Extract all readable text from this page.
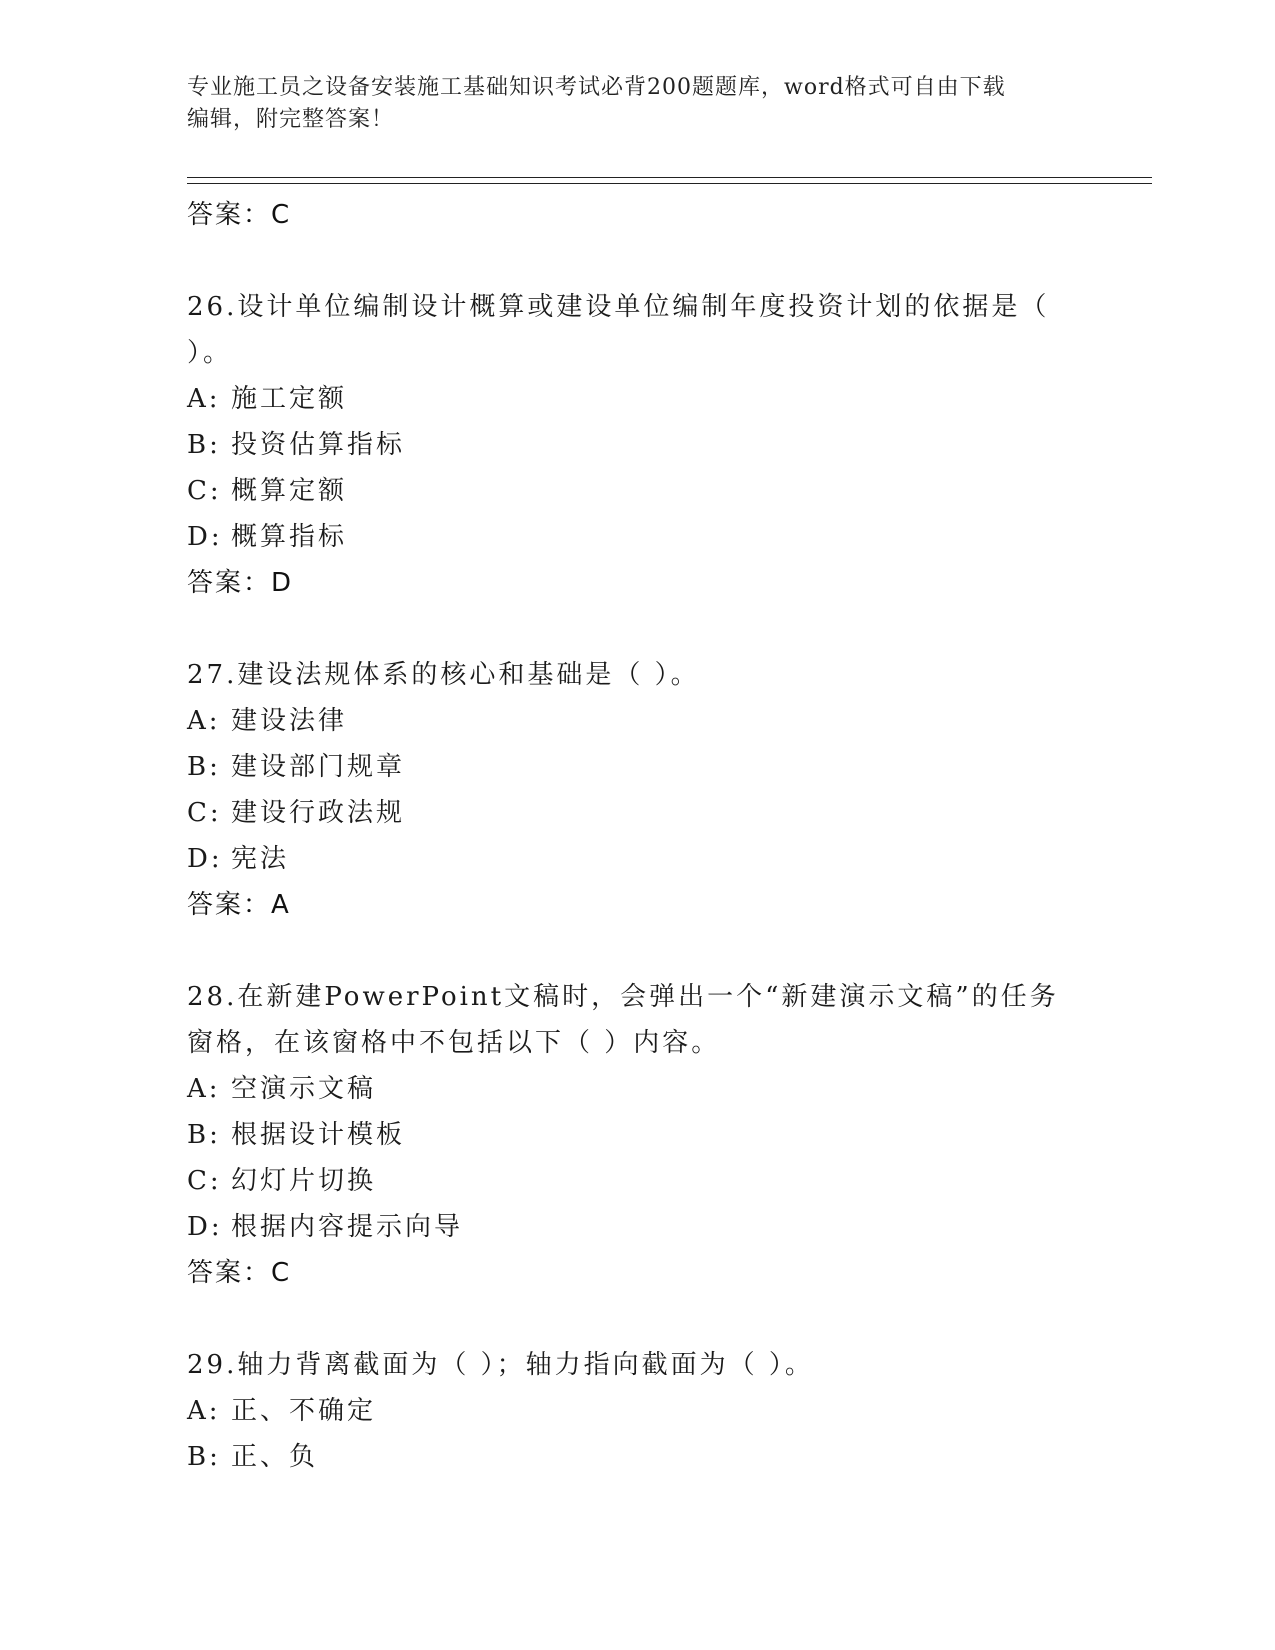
专业施工员之设备安装施工基础知识考试必背200题题库，word格式可自由下载
编辑，附完整答案！
答案：C
26.设计单位编制设计概算或建设单位编制年度投资计划的依据是（
）。
A: 施工定额
B: 投资估算指标
C: 概算定额
D: 概算指标
答案：D
27.建设法规体系的核心和基础是（ ）。
A: 建设法律
B: 建设部门规章
C: 建设行政法规
D: 宪法
答案：A
28.在新建PowerPoint文稿时，会弹出一个“新建演示文稿”的任务
窗格，在该窗格中不包括以下（ ）内容。
A: 空演示文稿
B: 根据设计模板
C: 幻灯片切换
D: 根据内容提示向导
答案：C
29.轴力背离截面为（ ）；轴力指向截面为（ ）。
A: 正、不确定
B: 正、负
